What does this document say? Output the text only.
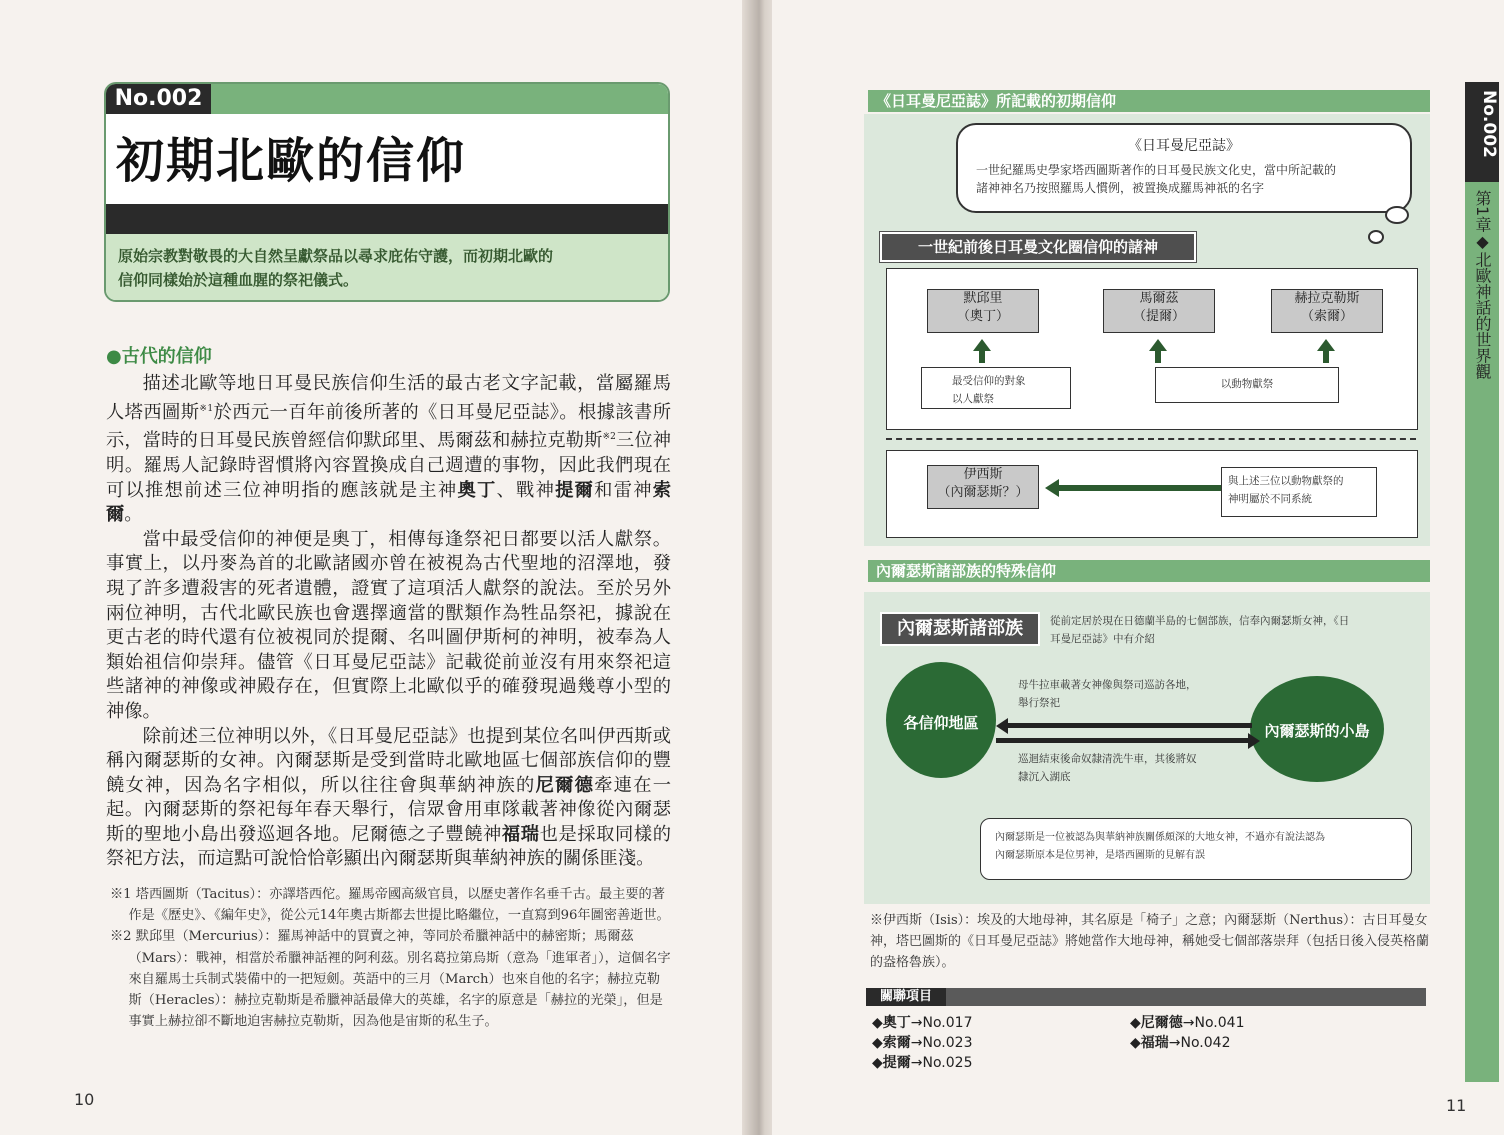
No.002
初期北歐的信仰
原始宗教對敬畏的大自然呈獻祭品以尋求庇佑守護，而初期北歐的
信仰同樣始於這種血腥的祭祀儀式。
●古代的信仰

描述北歐等地日耳曼民族信仰生活的最古老文字記載，當屬羅馬人塔西圖斯$^{※1}$於西元一百年前後所著的《日耳曼尼亞誌》。根據該書所示，當時的日耳曼民族曾經信仰默邱里、馬爾茲和赫拉克勒斯$^{※2}$三位神明。羅馬人記錄時習慣將內容置換成自己週遭的事物，因此我們現在可以推想前述三位神明指的應該就是主神奧丁、戰神提爾和雷神索爾。

當中最受信仰的神便是奧丁，相傳每逢祭祀日都要以活人獻祭。事實上，以丹麥為首的北歐諸國亦曾在被視為古代聖地的沼澤地，發現了許多遭殺害的死者遺體，證實了這項活人獻祭的說法。至於另外兩位神明，古代北歐民族也會選擇適當的獸類作為牲品祭祀，據說在更古老的時代還有位被視同於提爾、名叫圖伊斯柯的神明，被奉為人類始祖信仰崇拜。儘管《日耳曼尼亞誌》記載從前並沒有用來祭祀這些諸神的神像或神殿存在，但實際上北歐似乎的確發現過幾尊小型的神像。

除前述三位神明以外，《日耳曼尼亞誌》也提到某位名叫伊西斯或稱內爾瑟斯的女神。內爾瑟斯是受到當時北歐地區七個部族信仰的豐饒女神，因為名字相似，所以往往會與華納神族的尼爾德牽連在一起。內爾瑟斯的祭祀每年春天舉行，信眾會用車隊載著神像從內爾瑟斯的聖地小島出發巡迴各地。尼爾德之子豐饒神福瑞也是採取同樣的祭祀方法，而這點可說恰恰彰顯出內爾瑟斯與華納神族的關係匪淺。

※1 塔西圖斯（Tacitus）：亦譯塔西佗。羅馬帝國高級官員，以歷史著作名垂千古。最主要的著作是《歷史》、《編年史》，從公元14年奧古斯都去世提比略繼位，一直寫到96年圖密善逝世。

※2 默邱里（Mercurius）：羅馬神話中的買賣之神，等同於希臘神話中的赫密斯；馬爾茲（Mars）：戰神，相當於希臘神話裡的阿利茲。別名葛拉第烏斯（意為「進軍者」），這個名字來自羅馬士兵制式裝備中的一把短劍。英語中的三月（March）也來自他的名字；赫拉克勒斯（Heracles）：赫拉克勒斯是希臘神話最偉大的英雄，名字的原意是「赫拉的光榮」，但是事實上赫拉卻不斷地迫害赫拉克勒斯，因為他是宙斯的私生子。

10
《日耳曼尼亞誌》所記載的初期信仰
《日耳曼尼亞誌》
一世紀羅馬史學家塔西圖斯著作的日耳曼民族文化史，當中所記載的
諸神神名乃按照羅馬人慣例，被置換成羅馬神祇的名字
一世紀前後日耳曼文化圈信仰的諸神
默邱里
（奧丁）
馬爾茲
（提爾）
赫拉克勒斯
（索爾）
最受信仰的對象
以人獻祭
以動物獻祭
伊西斯
（內爾瑟斯？）
與上述三位以動物獻祭的
神明屬於不同系統
內爾瑟斯諸部族的特殊信仰
內爾瑟斯諸部族	從前定居於現在日德蘭半島的七個部族，信奉內爾瑟斯女神，《日
耳曼尼亞誌》中有介紹
各信仰地區	內爾瑟斯的小島
母牛拉車載著女神像與祭司巡訪各地，
舉行祭祀
巡迴結束後命奴隸清洗牛車，其後將奴
隸沉入湖底
內爾瑟斯是一位被認為與華納神族關係頗深的大地女神，不過亦有說法認為
內爾瑟斯原本是位男神，是塔西圖斯的見解有誤
※伊西斯（Isis）：埃及的大地母神，其名原是「椅子」之意；內爾瑟斯（Nerthus）：古日耳曼女神，塔巴圖斯的《日耳曼尼亞誌》將她當作大地母神，稱她受七個部落崇拜（包括日後入侵英格蘭的盎格魯族）。
關聯項目
◆奧丁→No.017
◆索爾→No.023
◆提爾→No.025
◆尼爾德→No.041
◆福瑞→No.042
No.002
第1章◆北歐神話的世界觀
11
